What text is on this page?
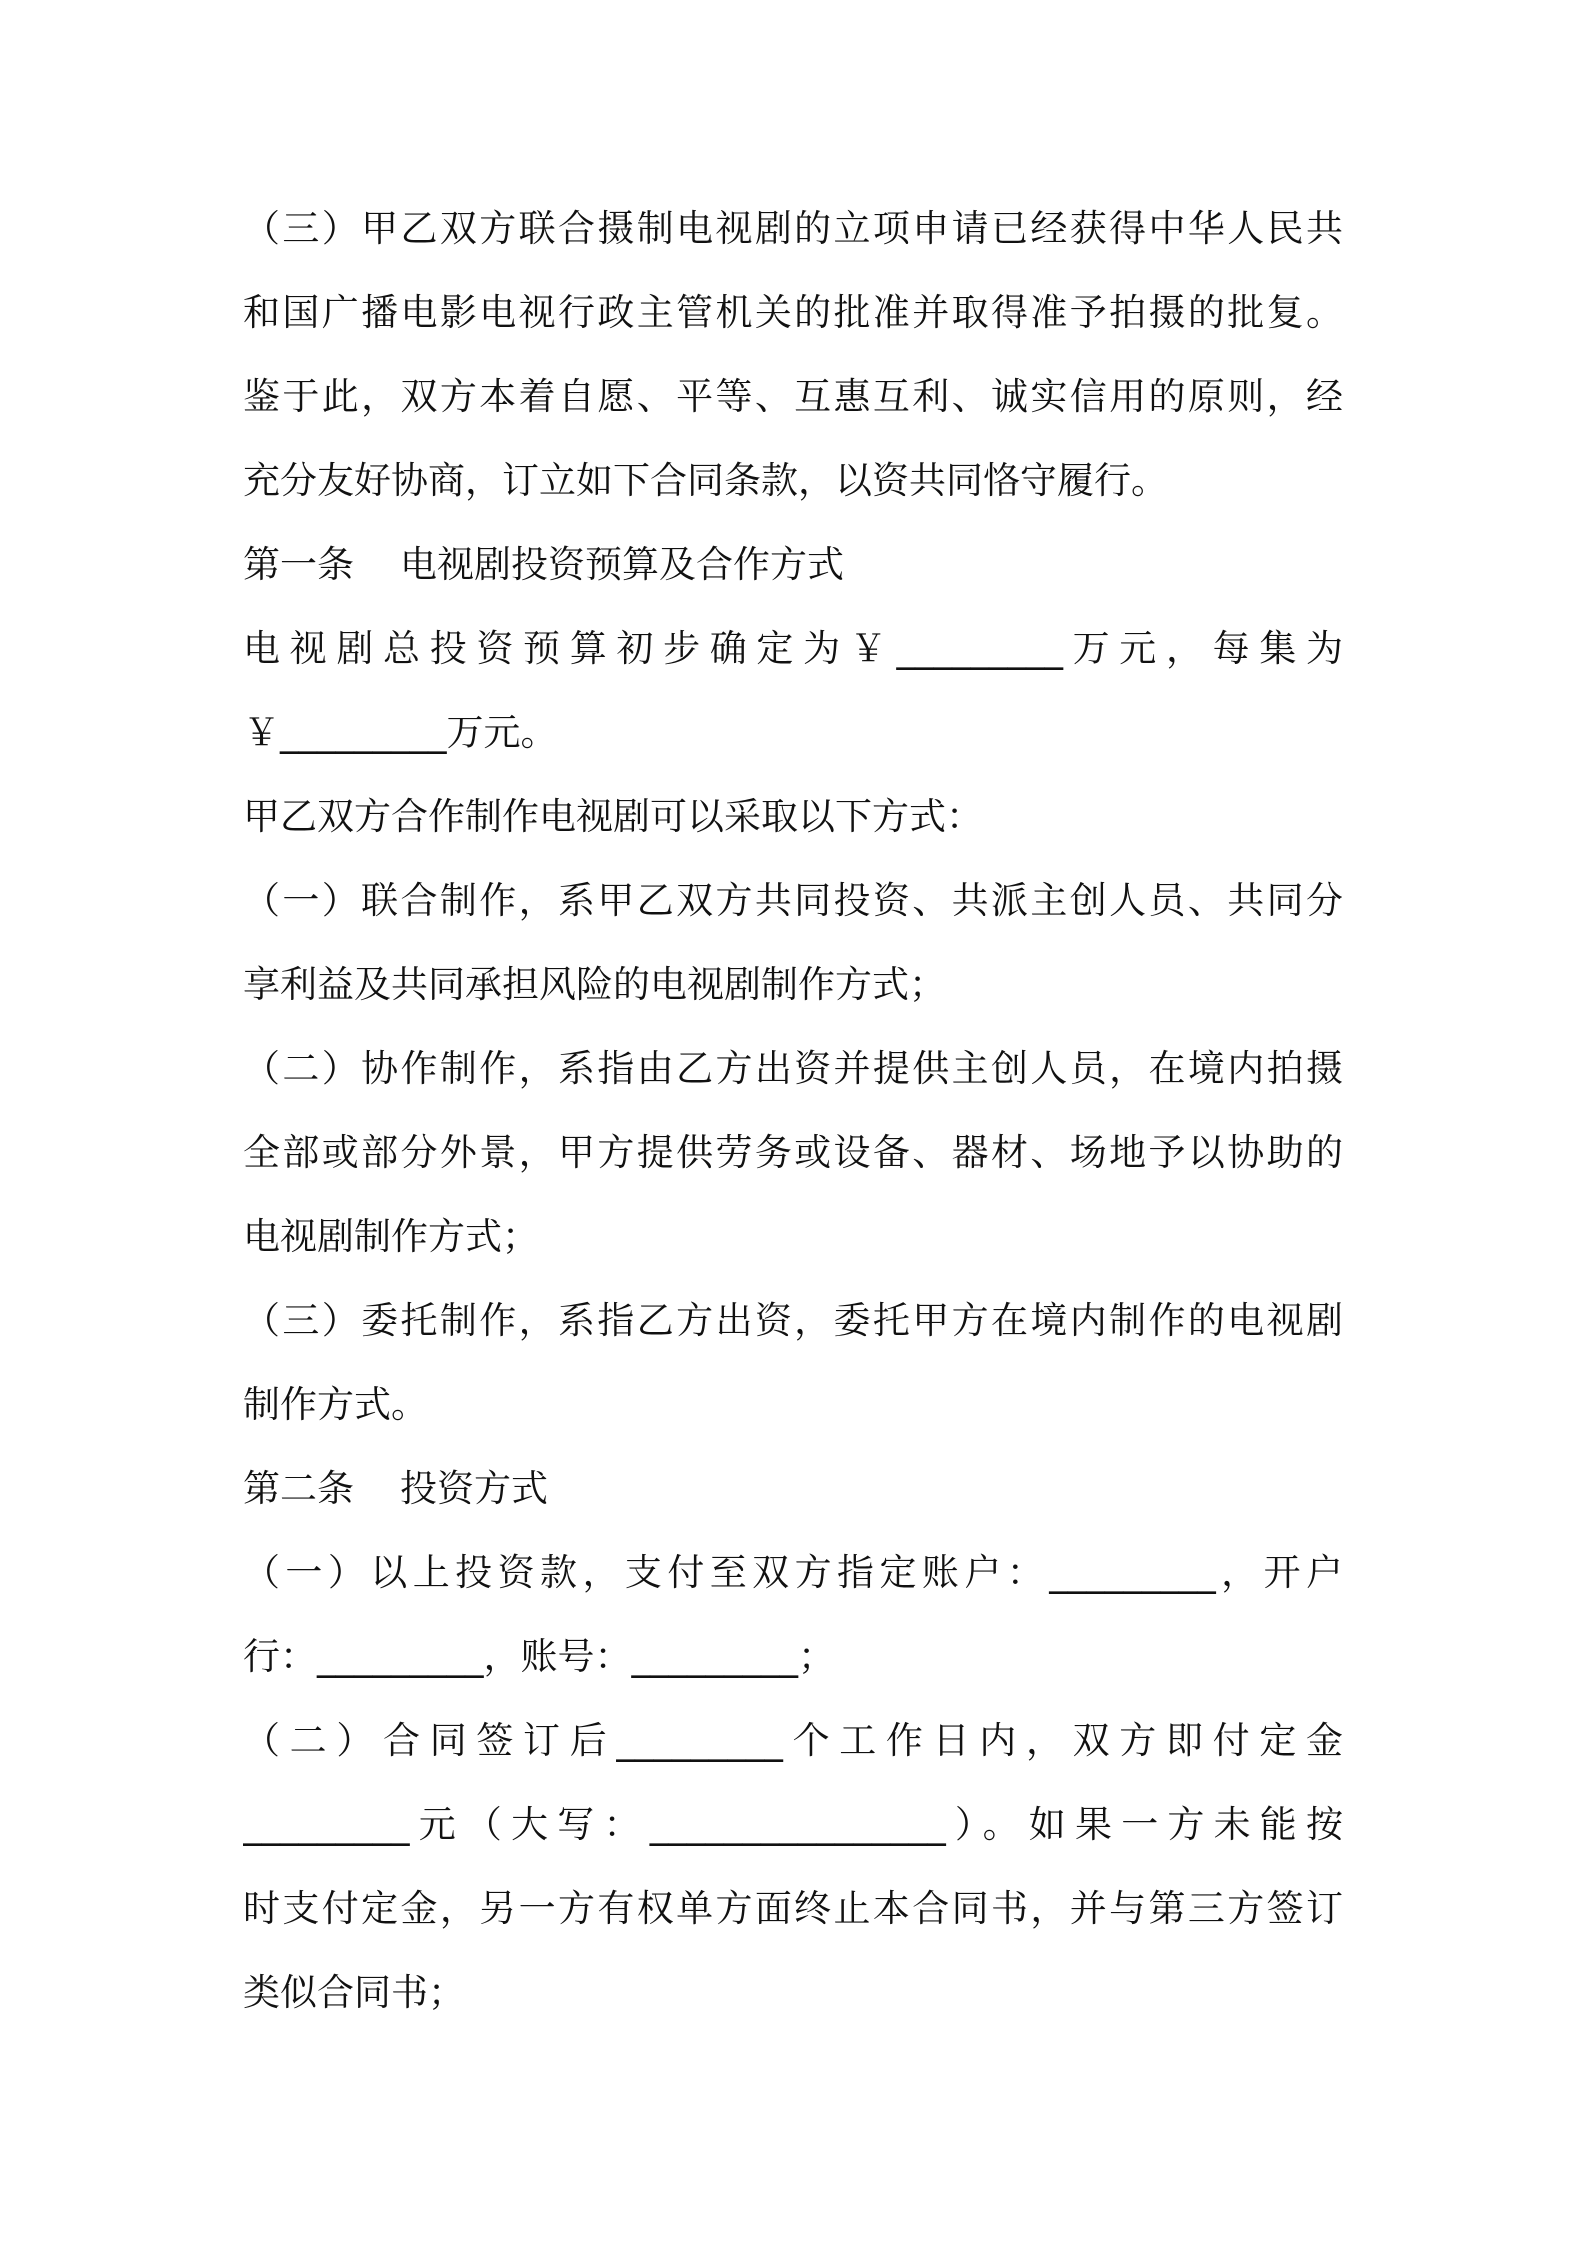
（三）甲乙双方联合摄制电视剧的立项申请已经获得中华人民共
和国广播电影电视行政主管机关的批准并取得准予拍摄的批复。
鉴于此，双方本着自愿、平等、互惠互利、诚实信用的原则，经
充分友好协商，订立如下合同条款，以资共同恪守履行。
第一条 电视剧投资预算及合作方式
电视剧总投资预算初步确定为￥_________万元，每集为
￥_________万元。
甲乙双方合作制作电视剧可以采取以下方式：
（一）联合制作，系甲乙双方共同投资、共派主创人员、共同分
享利益及共同承担风险的电视剧制作方式；
（二）协作制作，系指由乙方出资并提供主创人员，在境内拍摄
全部或部分外景，甲方提供劳务或设备、器材、场地予以协助的
电视剧制作方式；
（三）委托制作，系指乙方出资，委托甲方在境内制作的电视剧
制作方式。
第二条 投资方式
（一）以上投资款，支付至双方指定账户：_________，开户
行：_________，账号：_________；
（二）合同签订后_________个工作日内，双方即付定金
_________元（大写：________________）。如果一方未能按
时支付定金，另一方有权单方面终止本合同书，并与第三方签订
类似合同书；
